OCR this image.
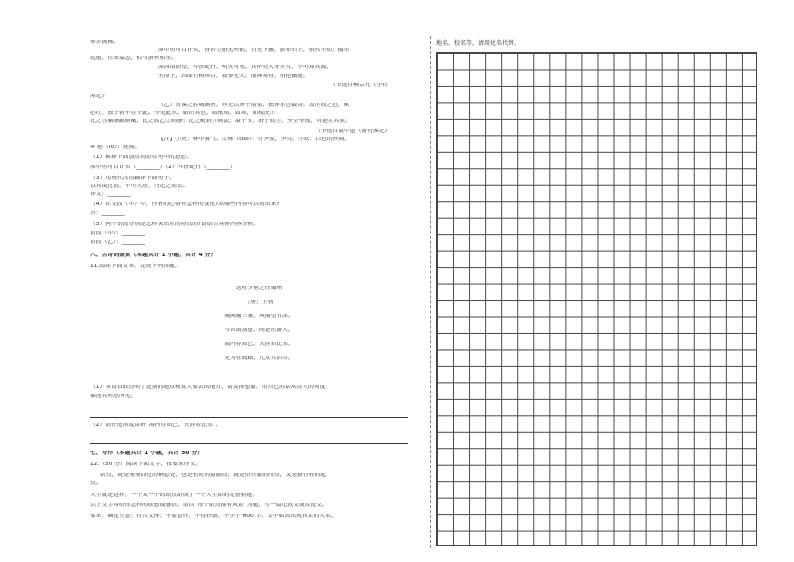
送杜少府之任蜀州
［唐］王勃
城阙辅三秦，风烟望五津。
与君离别意，同是宦游人。
海内存知己，天涯若比邻。
无为在歧路，儿女共沾巾。
参差披拂。
潭中鱼可百许头，皆若空游无所依。日光下澈，影布石上，佁然不动；俶尔
远逝，往来翕忽，似与游者相乐。
潭西南而望，斗折蛇行，明灭可见。其岸势犬牙差互，不可知其源。
坐潭上，四面竹树环合，寂寥无人，凄神寒骨，悄怆幽邃。
（节选自柳宗元《小石
潭记》
（乙）青溪之胜城溯者，亦无以异于诸泉，独异水色最奇。盖世间之色，奚
必红、独于碧不在于此。今见此水，始识其色。如玳瑁，如寒，如视虎①
比之含胭脂鹅则嫩，比之蓝乙②则静；比之毗碧③则淡；溢于玉，滑于钦③，至莹至铄，可挹④其质。
（节选自袁中道《游青溪记》
【注】①虎：林中雾气。②箨（tuò）：竹笋皮，笋壳。③钦：白色的丝绸。
④ 挹（fó）：抚摸。
（1）解释下面加点词语在句中的意思。
潭中鱼可百许头（________）（2）斗折蛇行（________）
（3）用现代汉语翻译下面句子。
以其境过清，不可久居，乃记之而去。
译文：________
（4）在文段（甲）中，作者的心情有怎样的变化?从哪些内容可以看出来?
答：________
（5）两个语段分别是怎样突出水的特点的?请结合具体内容分析。
语段（甲）：________
语段（乙）：________
六、古诗词鉴赏（本题共计 1 小题，共计 4 分）
11.阅读下面文本，完成下列各题。
（1）本诗首联点明了送别的地点和友人要去的地方，请发挥想象，用自己的话从诗人的角度
描述其所思所见。
（2）请任选角度赏析“海内存知己，天涯若比邻”。
七、写作（本题共计 1 小题，共计 50 分）
12.（50 分）阅读下面文字，按要求作文。
站点，既是匆匆而过的栖息处，也是暂时的留脚点；既是旧行旅的终点，又是新行程的起
点。
人生就是这样，一个又一个的站点组成了一个人生命的完整轨迹。
以上文字带给你怎样的联想或感悟，请以“每个站点都有风景”为题，写一篇记叙文或议论文。
要求：确定立意；符合文体；不要套作，不得抄袭。不少于 600 字。文中如需出现真实的人名、
地名、校名等，请用化名代替。
